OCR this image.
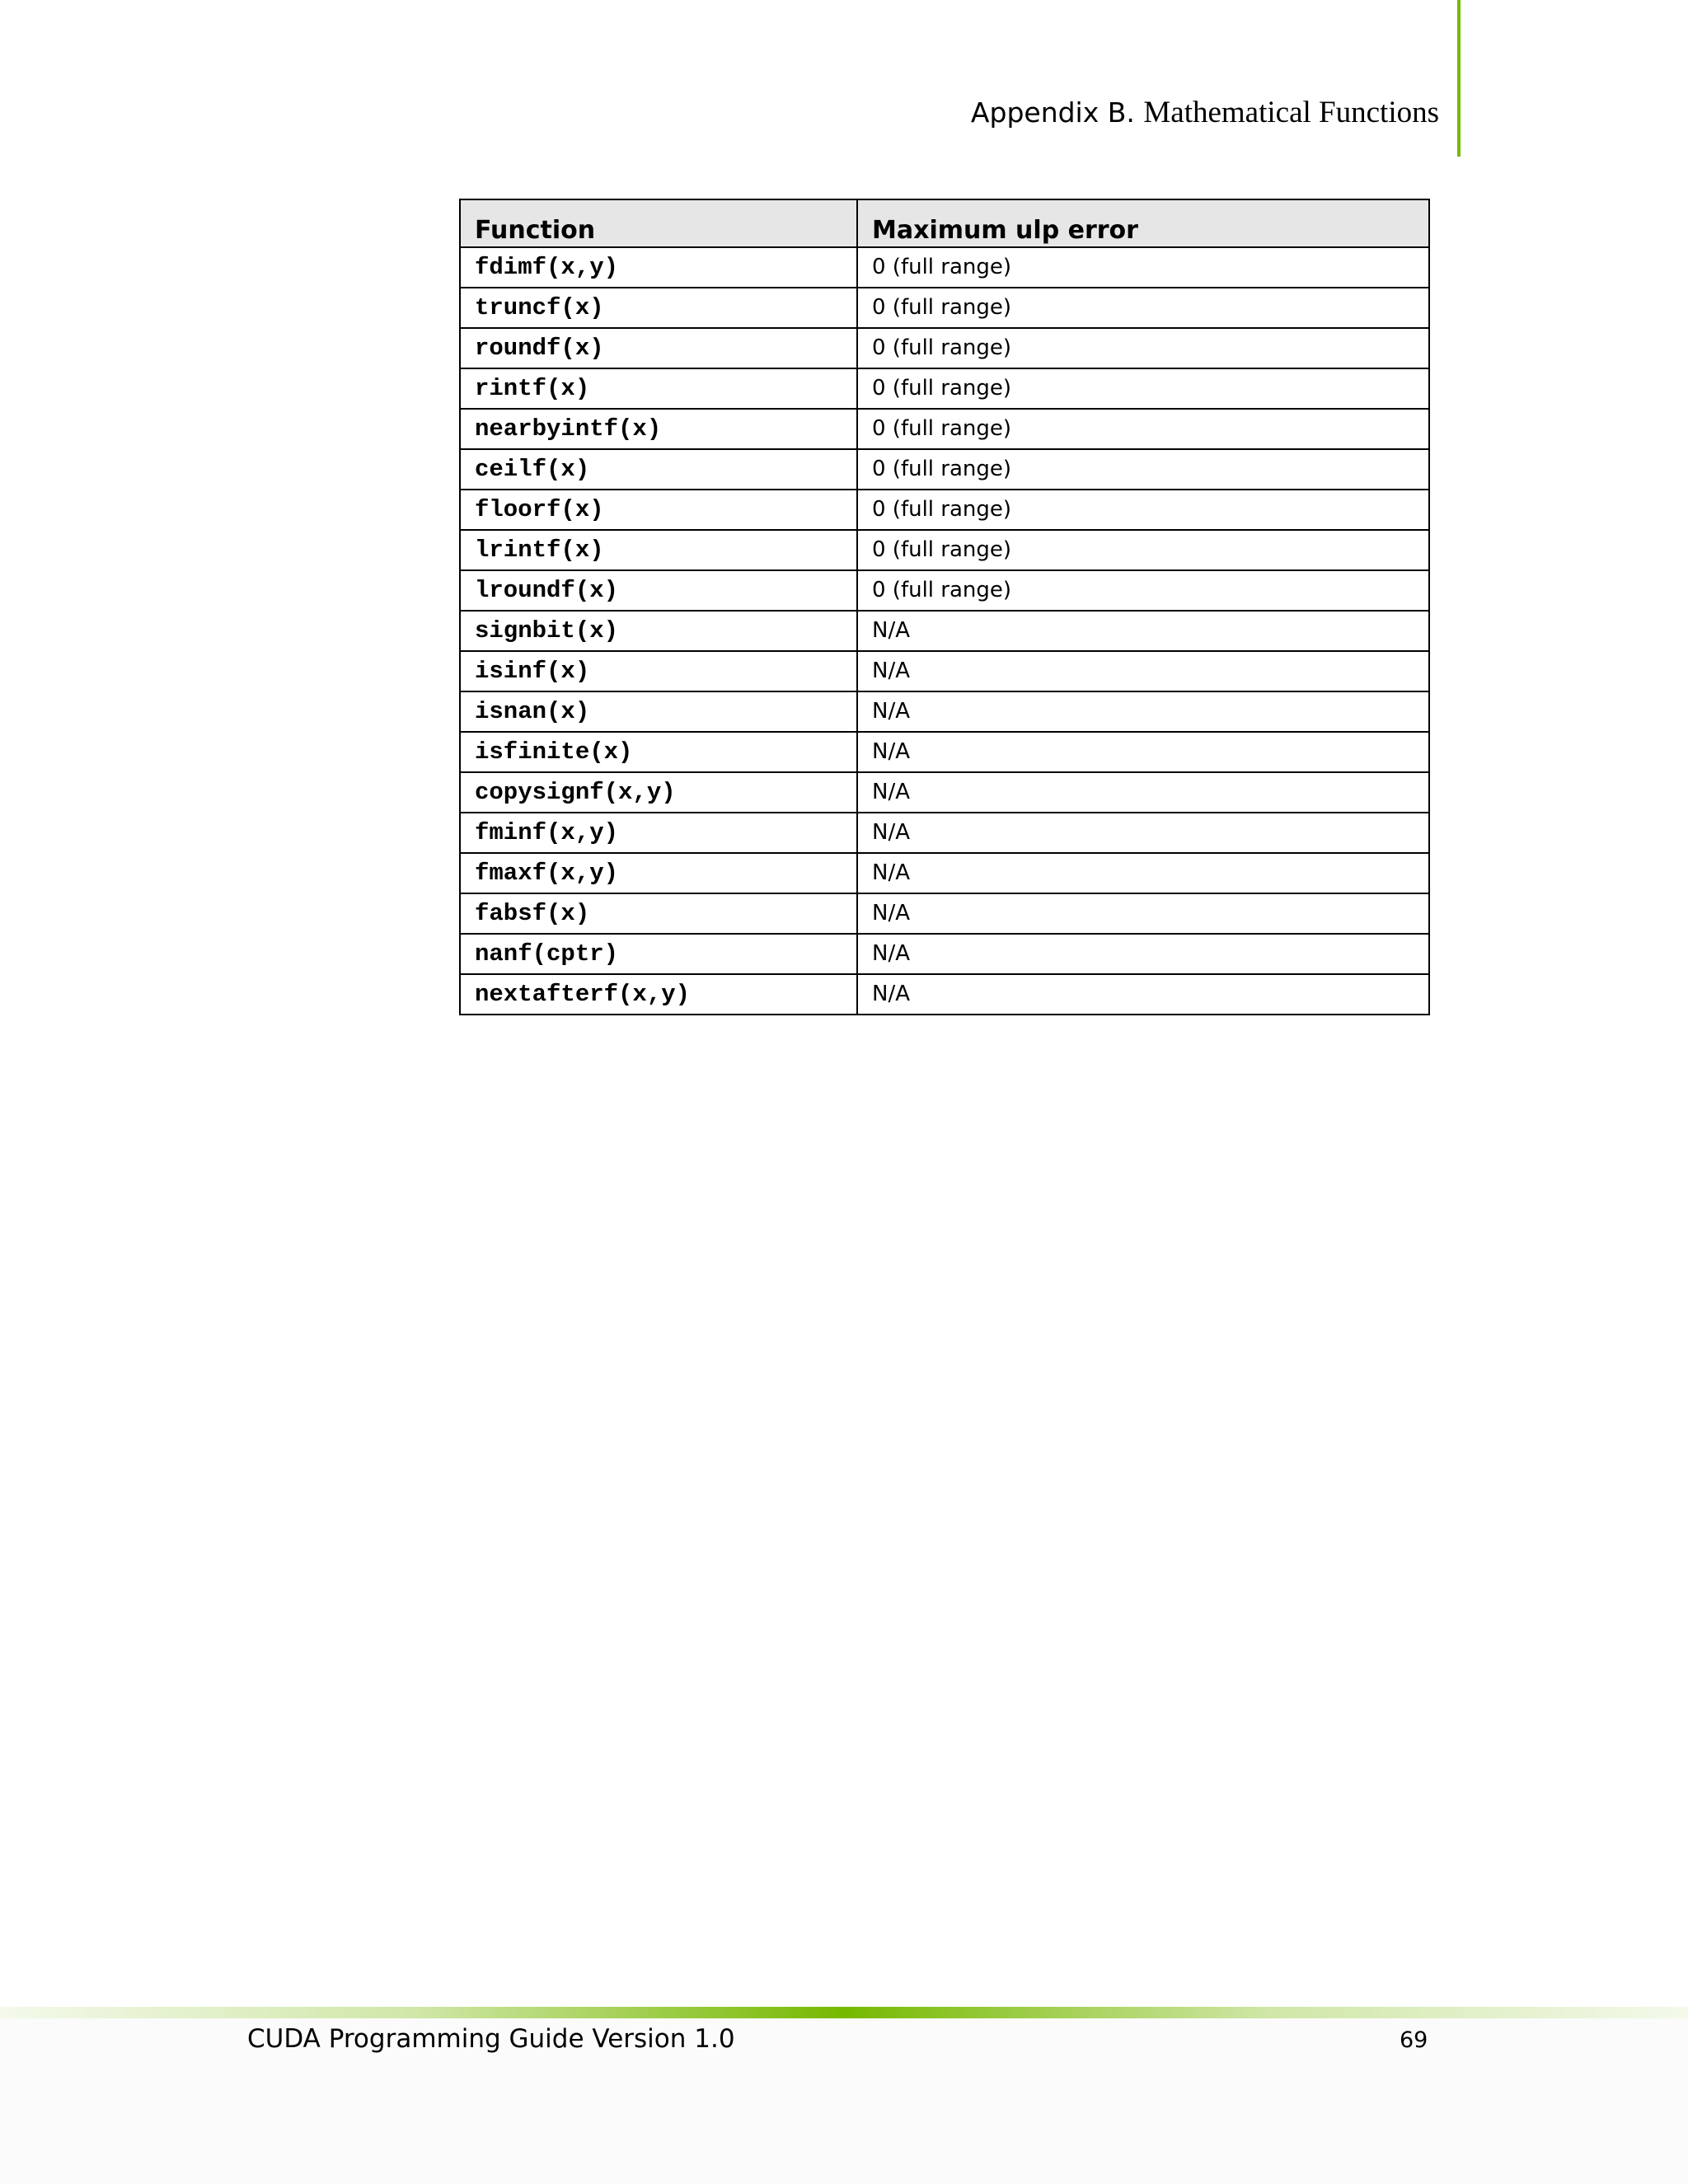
Appendix B. Mathematical Functions
Function	Maximum ulp error
fdimf(x,y)	0 (full range)
truncf(x)	0 (full range)
roundf(x)	0 (full range)
rintf(x)	0 (full range)
nearbyintf(x)	0 (full range)
ceilf(x)	0 (full range)
floorf(x)	0 (full range)
lrintf(x)	0 (full range)
lroundf(x)	0 (full range)
signbit(x)	N/A
isinf(x)	N/A
isnan(x)	N/A
isfinite(x)	N/A
copysignf(x,y)	N/A
fminf(x,y)	N/A
fmaxf(x,y)	N/A
fabsf(x)	N/A
nanf(cptr)	N/A
nextafterf(x,y)	N/A
CUDA Programming Guide Version 1.0	69
